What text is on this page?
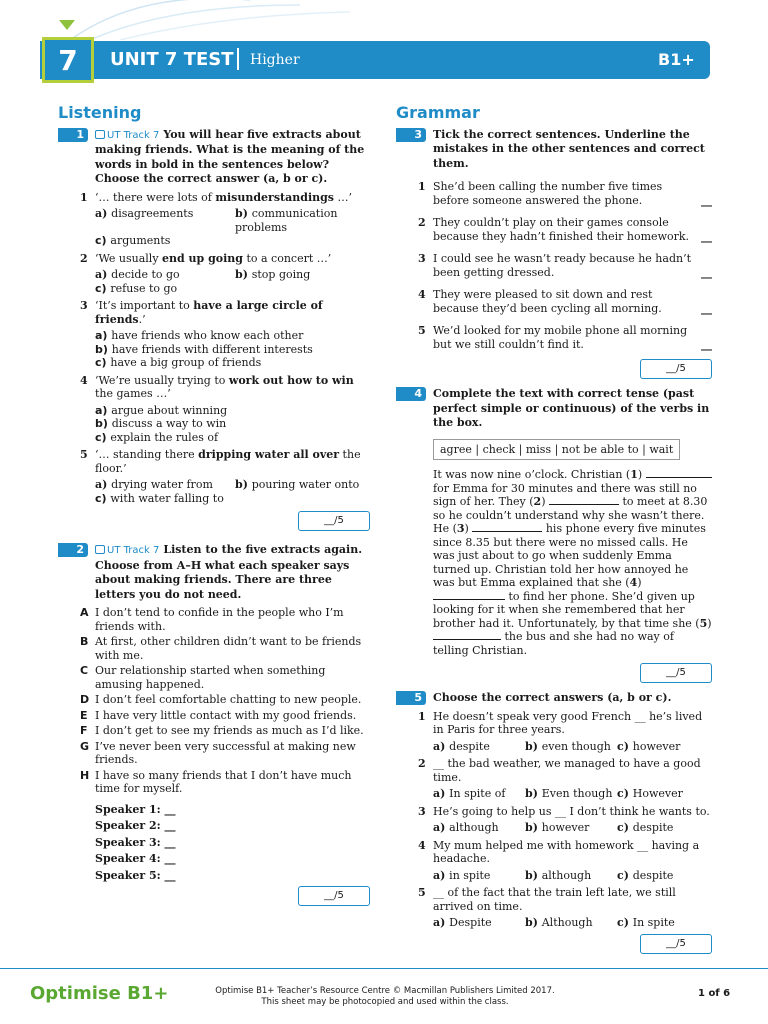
7 UNIT 7 TEST Higher	B1+
Listening
1	UT Track 7 You will hear five extracts about making friends. What is the meaning of the words in bold in the sentences below? Choose the correct answer (a, b or c).
1 ‘… there were lots of misunderstandings …’
a) disagreements	b) communication problems
c) arguments
2 ‘We usually end up going to a concert …’
a) decide to go	b) stop going
c) refuse to go
3 ‘It’s important to have a large circle of friends.’
a) have friends who know each other
b) have friends with different interests
c) have a big group of friends
4 ‘We’re usually trying to work out how to win the games …’
a) argue about winning
b) discuss a way to win
c) explain the rules of
5 ‘… standing there dripping water all over the floor.’
a) drying water from	b) pouring water onto
c) with water falling to
__/5
2	UT Track 7 Listen to the five extracts again. Choose from A–H what each speaker says about making friends. There are three letters you do not need.
A I don’t tend to confide in the people who I’m friends with.
B At first, other children didn’t want to be friends with me.
C Our relationship started when something amusing happened.
D I don’t feel comfortable chatting to new people.
E I have very little contact with my good friends.
F I don’t get to see my friends as much as I’d like.
G I’ve never been very successful at making new friends.
H I have so many friends that I don’t have much time for myself.
Speaker 1: __
Speaker 2: __
Speaker 3: __
Speaker 4: __
Speaker 5: __
__/5
Grammar
3	Tick the correct sentences. Underline the mistakes in the other sentences and correct them.
1 She’d been calling the number five times before someone answered the phone.	__
2 They couldn’t play on their games console because they hadn’t finished their homework.	__
3 I could see he wasn’t ready because he hadn’t been getting dressed.	__
4 They were pleased to sit down and rest because they’d been cycling all morning.	__
5 We’d looked for my mobile phone all morning but we still couldn’t find it.	__
__/5
4	Complete the text with correct tense (past perfect simple or continuous) of the verbs in the box.
agree | check | miss | not be able to | wait
It was now nine o’clock. Christian (1)  for Emma for 30 minutes and there was still no sign of her. They (2)	to meet at 8.30 so he couldn’t understand why she wasn’t there. He (3)	his phone every five minutes since 8.35 but there were no missed calls. He was just about to go when suddenly Emma turned up. Christian told her how annoyed he was but Emma explained that she (4)  to find her phone. She’d given up looking for it when she remembered that her brother had it. Unfortunately, by that time she (5)  the bus and she had no way of telling Christian.
__/5
5	Choose the correct answers (a, b or c).
1 He doesn’t speak very good French __ he’s lived in Paris for three years.
a) despite	b) even though c) however
2 __ the bad weather, we managed to have a good time.
a) In spite of	b) Even though c) However
3 He’s going to help us __ I don’t think he wants to.
a) although	b) however	c) despite
4 My mum helped me with homework __ having a headache.
a) in spite	b) although	c) despite
5 __ of the fact that the train left late, we still arrived on time.
a) Despite	b) Although	c) In spite
__/5
Optimise B1+	Optimise B1+ Teacher’s Resource Centre © Macmillan Publishers Limited 2017.
This sheet may be photocopied and used within the class.
1 of 6
